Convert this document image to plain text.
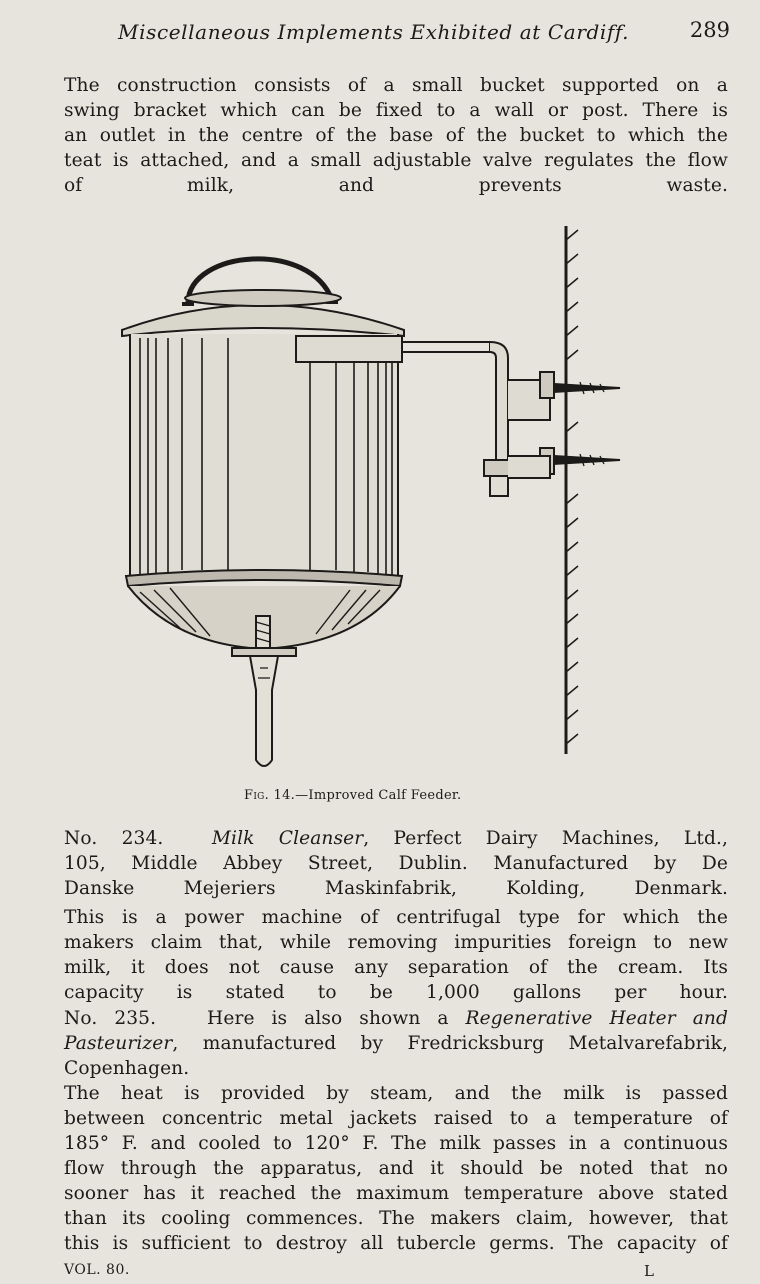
Miscellaneous Implements Exhibited at Cardiff.	289
The construction consists of a small bucket supported on a
swing bracket which can be fixed to a wall or post. There is
an outlet in the centre of the base of the bucket to which the
teat is attached, and a small adjustable valve regulates the flow
of milk, and prevents waste.
Fig. 14.—Improved Calf Feeder.
No. 234.	Milk Cleanser, Perfect Dairy Machines, Ltd.,
105, Middle Abbey Street, Dublin. Manufactured by De
Danske Mejeriers Maskinfabrik, Kolding, Denmark.
This is a power machine of centrifugal type for which the
makers claim that, while removing impurities foreign to new
milk, it does not cause any separation of the cream. Its
capacity is stated to be 1,000 gallons per hour.
No. 235.	Here is also shown a Regenerative Heater and
Pasteurizer, manufactured by Fredricksburg Metalvarefabrik,
Copenhagen.
The heat is provided by steam, and the milk is passed
between concentric metal jackets raised to a temperature of
185° F. and cooled to 120° F. The milk passes in a continuous
flow through the apparatus, and it should be noted that no
sooner has it reached the maximum temperature above stated
than its cooling commences. The makers claim, however, that
this is sufficient to destroy all tubercle germs. The capacity of
VOL. 80.	L
